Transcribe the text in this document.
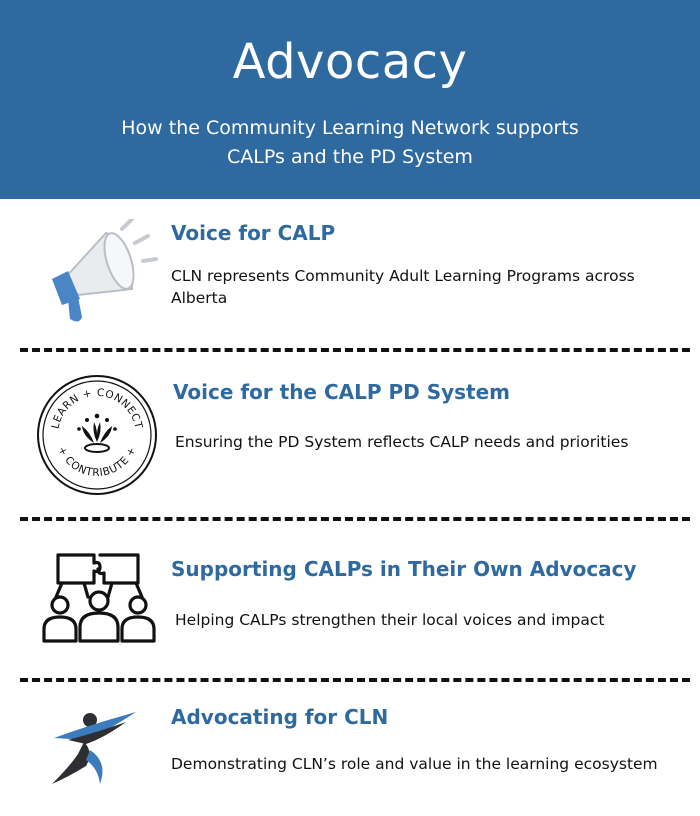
Advocacy
How the Community Learning Network supports CALPs and the PD System
Voice for CALP
CLN represents Community Adult Learning Programs across Alberta
LEARN + CONNECT
+ CONTRIBUTE +
Voice for the CALP PD System
Ensuring the PD System reflects CALP needs and priorities
Supporting CALPs in Their Own Advocacy
Helping CALPs strengthen their local voices and impact
Advocating for CLN
Demonstrating CLN’s role and value in the learning ecosystem
